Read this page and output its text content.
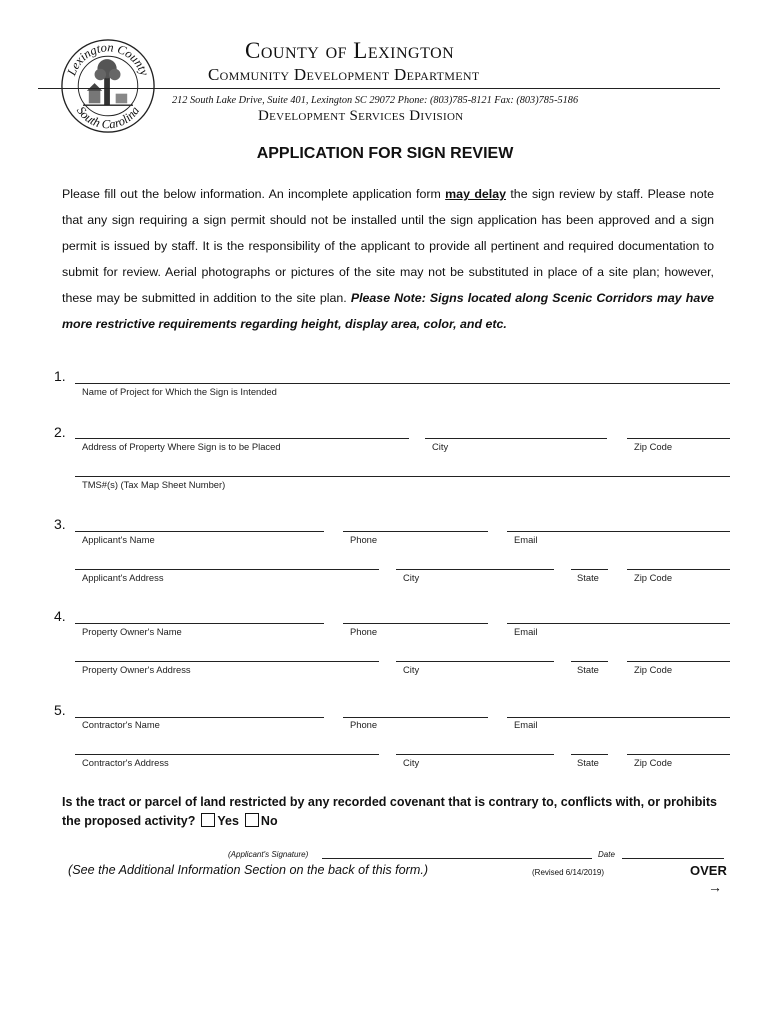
Lexington County
South Carolina
County of Lexington
Community Development Department
212 South Lake Drive, Suite 401, Lexington SC 29072 Phone: (803)785-8121 Fax: (803)785-5186
Development Services Division
APPLICATION FOR SIGN REVIEW
Please fill out the below information. An incomplete application form may delay the sign review by staff. Please note that any sign requiring a sign permit should not be installed until the sign application has been approved and a sign permit is issued by staff. It is the responsibility of the applicant to provide all pertinent and required documentation to submit for review. Aerial photographs or pictures of the site may not be substituted in place of a site plan; however, these may be submitted in addition to the site plan. Please Note: Signs located along Scenic Corridors may have more restrictive requirements regarding height, display area, color, and etc.
1.
Name of Project for Which the Sign is Intended
2.
Address of Property Where Sign is to be Placed	City	Zip Code
TMS#(s) (Tax Map Sheet Number)
3.
Applicant's Name	Phone	Email
Applicant's Address	City	State	Zip Code
4.
Property Owner's Name	Phone	Email
Property Owner's Address	City	State	Zip Code
5.
Contractor's Name	Phone	Email
Contractor's Address	City	State	Zip Code
Is the tract or parcel of land restricted by any recorded covenant that is contrary to, conflicts with, or prohibits the proposed activity? Yes No
(Applicant's Signature)	Date
(See the Additional Information Section on the back of this form.)	(Revised 6/14/2019)	OVER
→
